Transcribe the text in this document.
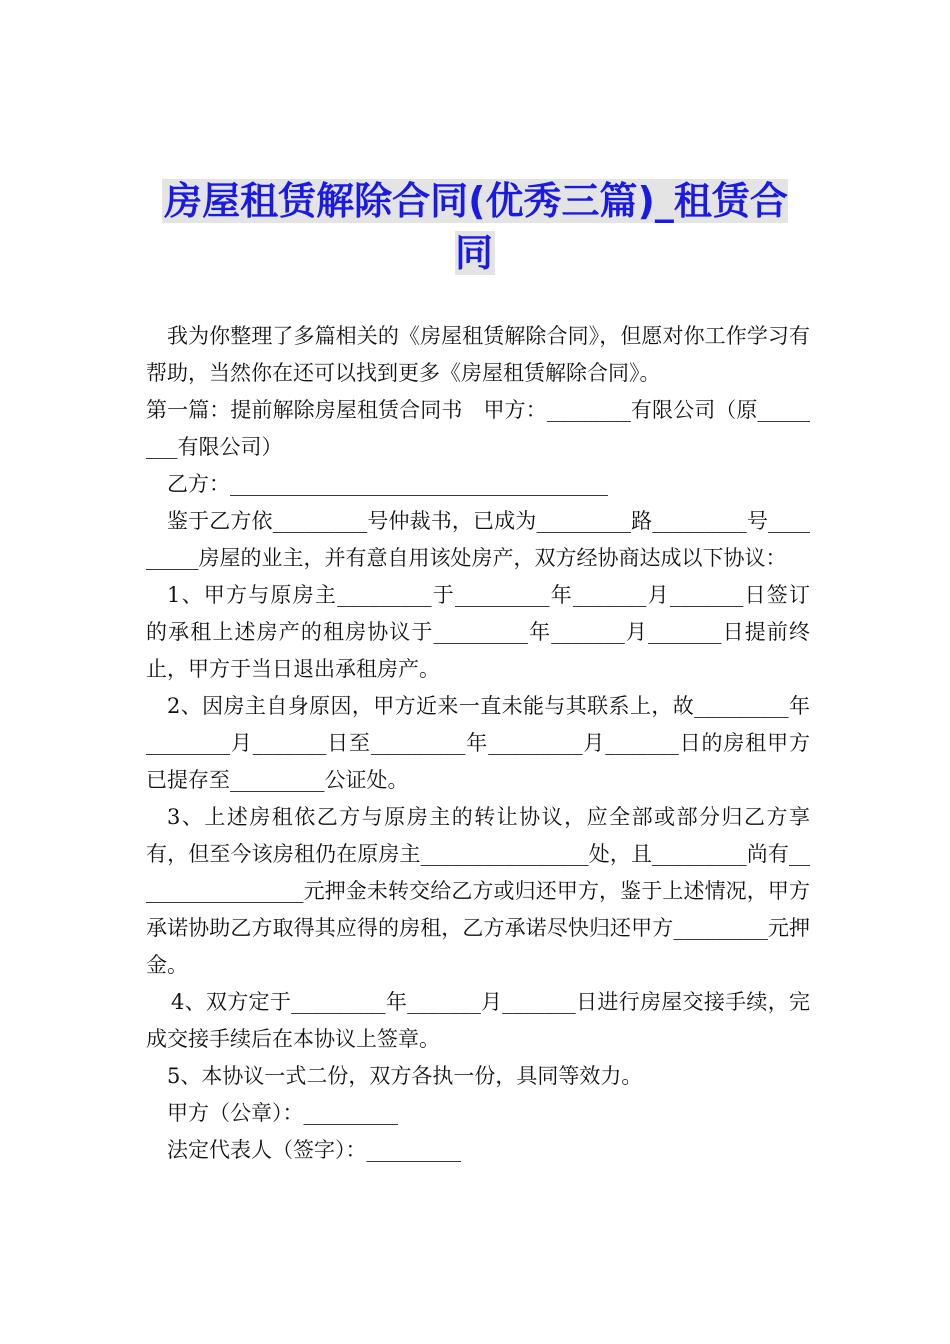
房屋租赁解除合同(优秀三篇)_租赁合同

我为你整理了多篇相关的《房屋租赁解除合同》，但愿对你工作学习有帮助，当然你在还可以找到更多《房屋租赁解除合同》。

第一篇：提前解除房屋租赁合同书　甲方：________有限公司（原________有限公司）

乙方：____________________________________

鉴于乙方依_________号仲裁书，已成为_________路_________号_________房屋的业主，并有意自用该处房产，双方经协商达成以下协议：

1、甲方与原房主_________于_________年_______月_______日签订的承租上述房产的租房协议于_________年_______月_______日提前终止，甲方于当日退出承租房产。

2、因房主自身原因，甲方近来一直未能与其联系上，故_________年________月_______日至_________年_________月_______日的房租甲方已提存至_________公证处。

3、上述房租依乙方与原房主的转让协议，应全部或部分归乙方享有，但至今该房租仍在原房主________________处，且_________尚有_________________元押金未转交给乙方或归还甲方，鉴于上述情况，甲方承诺协助乙方取得其应得的房租，乙方承诺尽快归还甲方_________元押金。

4、双方定于_________年_______月_______日进行房屋交接手续，完成交接手续后在本协议上签章。

5、本协议一式二份，双方各执一份，具同等效力。

甲方（公章）：_________

法定代表人（签字）：_________
